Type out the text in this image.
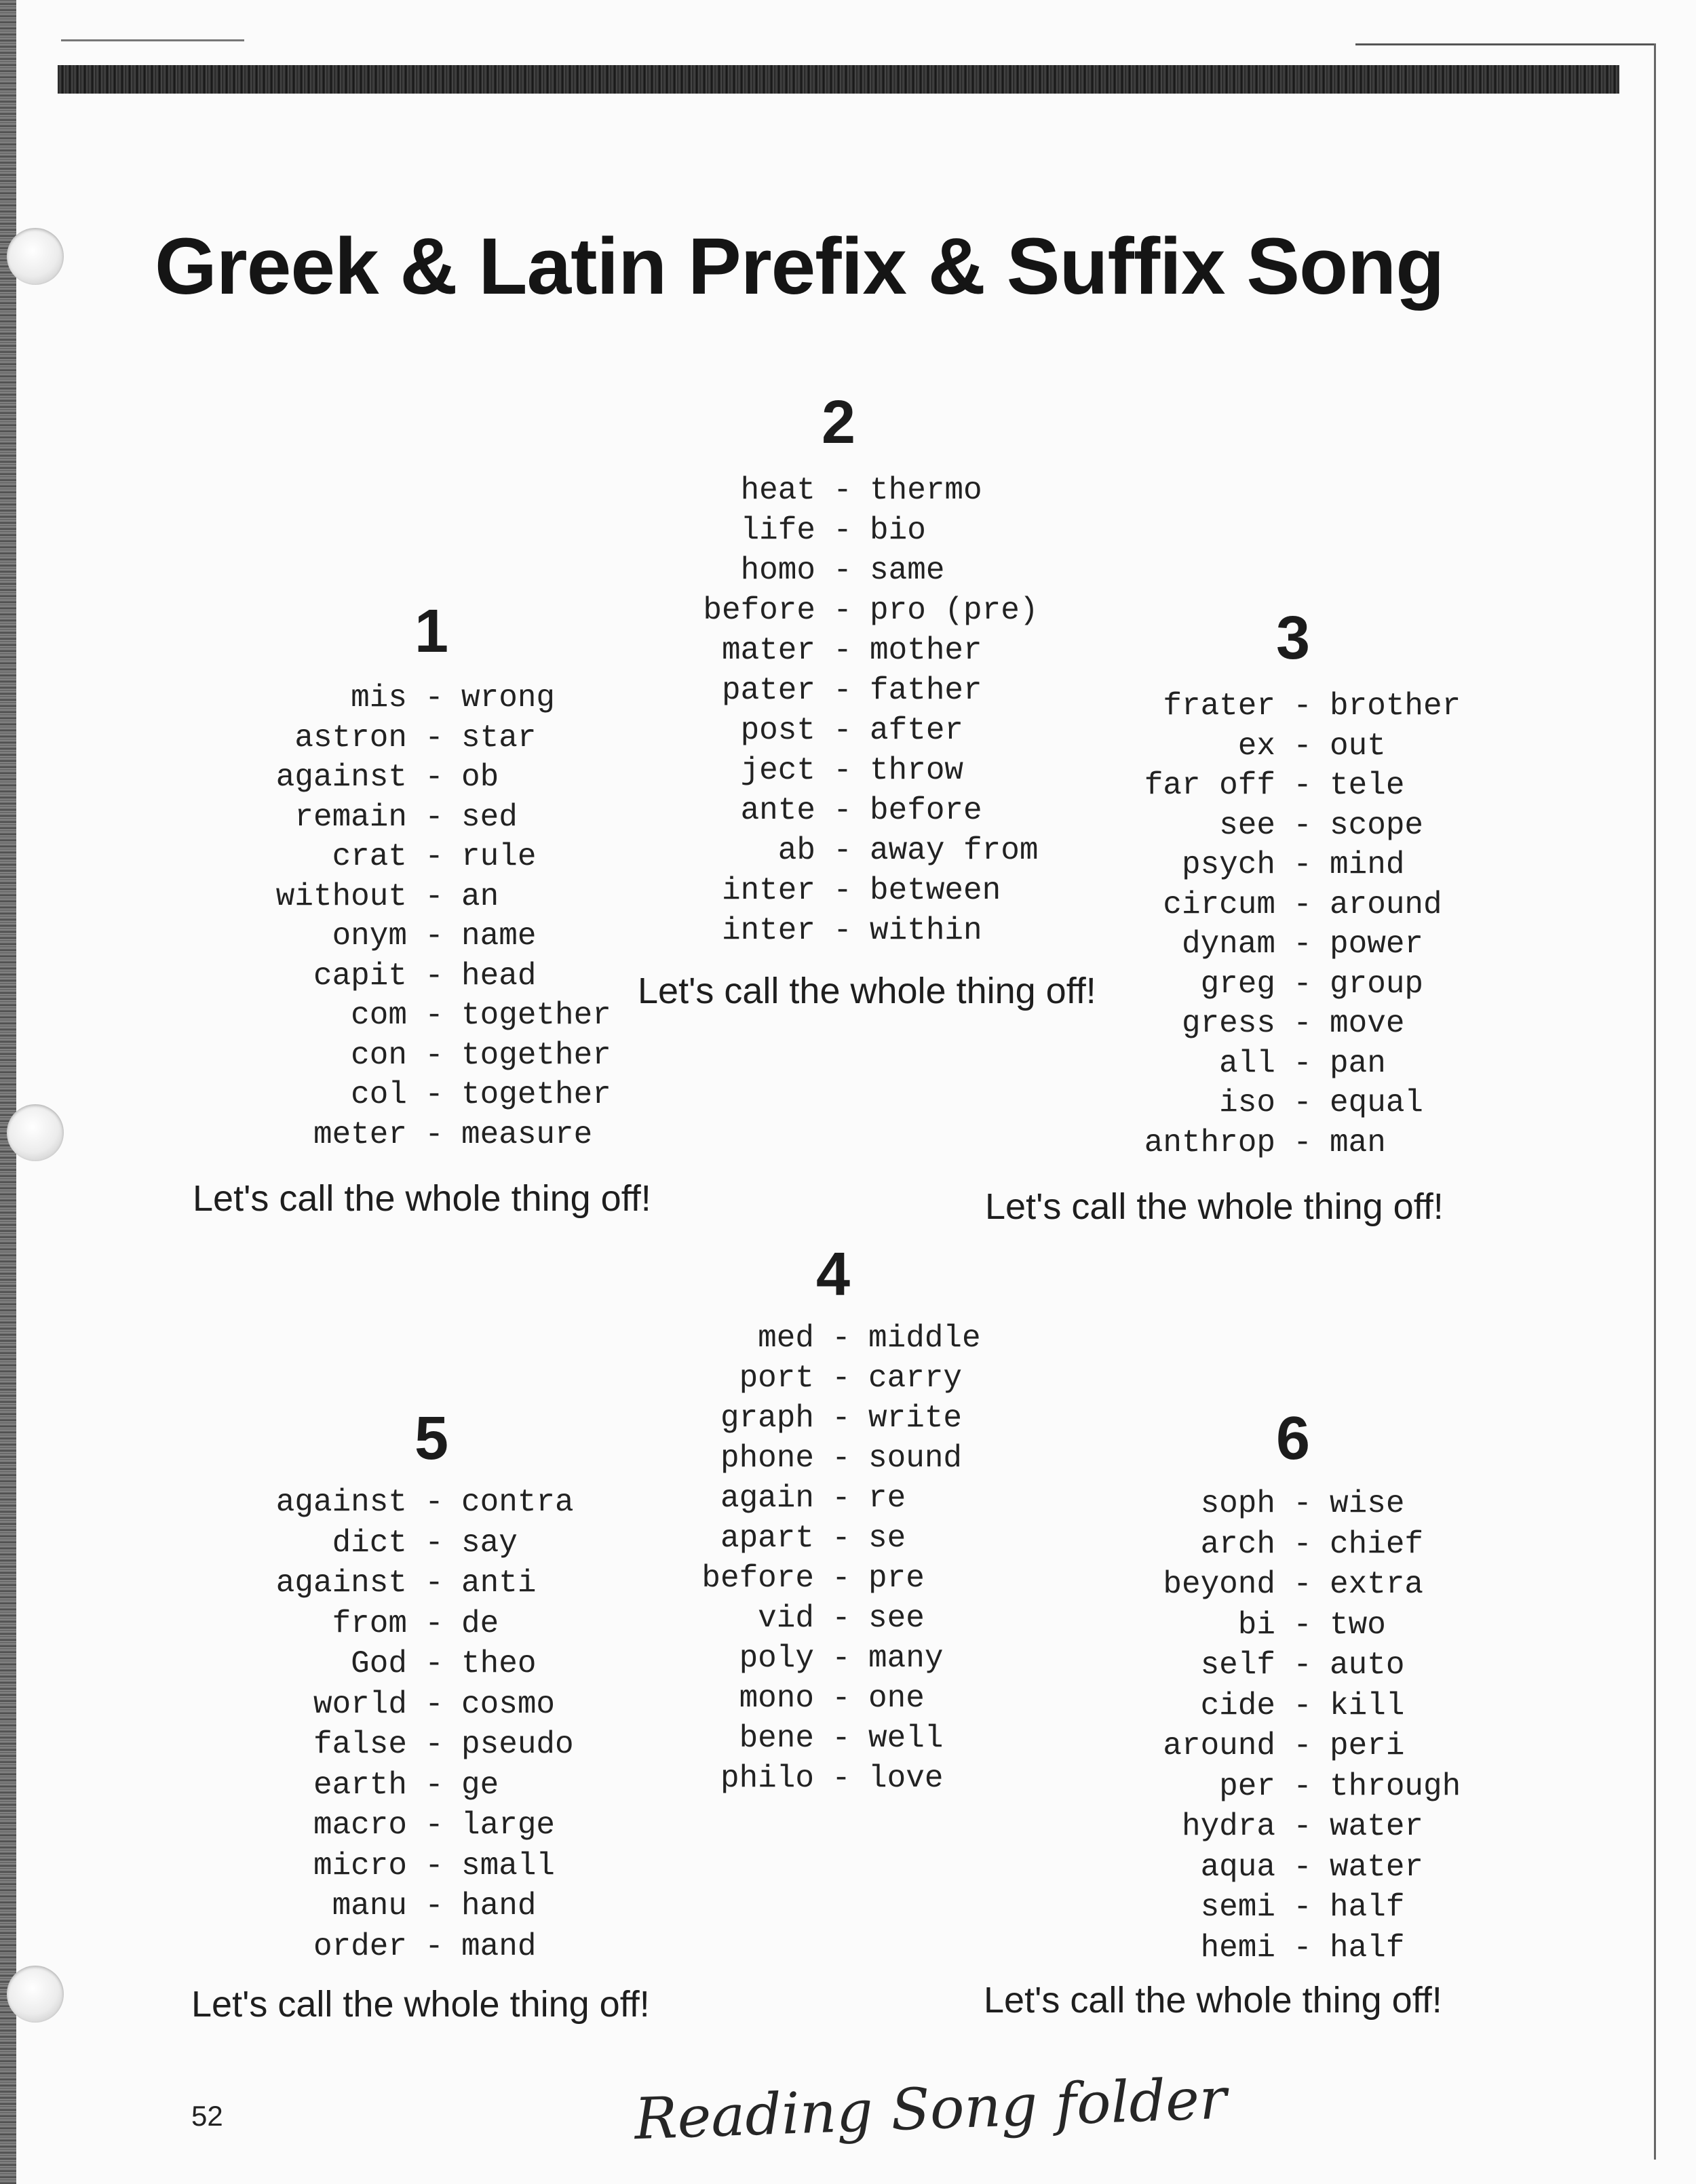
Greek & Latin Prefix & Suffix Song
1
mis - wrong
astron - star
against - ob
remain - sed
crat - rule
without - an
onym - name
capit - head
com - together
con - together
col - together
meter - measure

Let's call the whole thing off!

2
heat - thermo
life - bio
homo - same
before - pro (pre)
mater - mother
pater - father
post - after
ject - throw
ante - before
ab - away from
inter - between
inter - within

Let's call the whole thing off!

3
frater - brother
ex - out
far off - tele
see - scope
psych - mind
circum - around
dynam - power
greg - group
gress - move
all - pan
iso - equal
anthrop - man

Let's call the whole thing off!

4
med - middle
port - carry
graph - write
phone - sound
again - re
apart - se
before - pre
vid - see
poly - many
mono - one
bene - well
philo - love
5
against - contra
dict - say
against - anti
from - de
God - theo
world - cosmo
false - pseudo
earth - ge
macro - large
micro - small
manu - hand
order - mand

Let's call the whole thing off!

6
soph - wise
arch - chief
beyond - extra
bi - two
self - auto
cide - kill
around - peri
per - through
hydra - water
aqua - water
semi - half
hemi - half

Let's call the whole thing off!

52	Reading Song folder
